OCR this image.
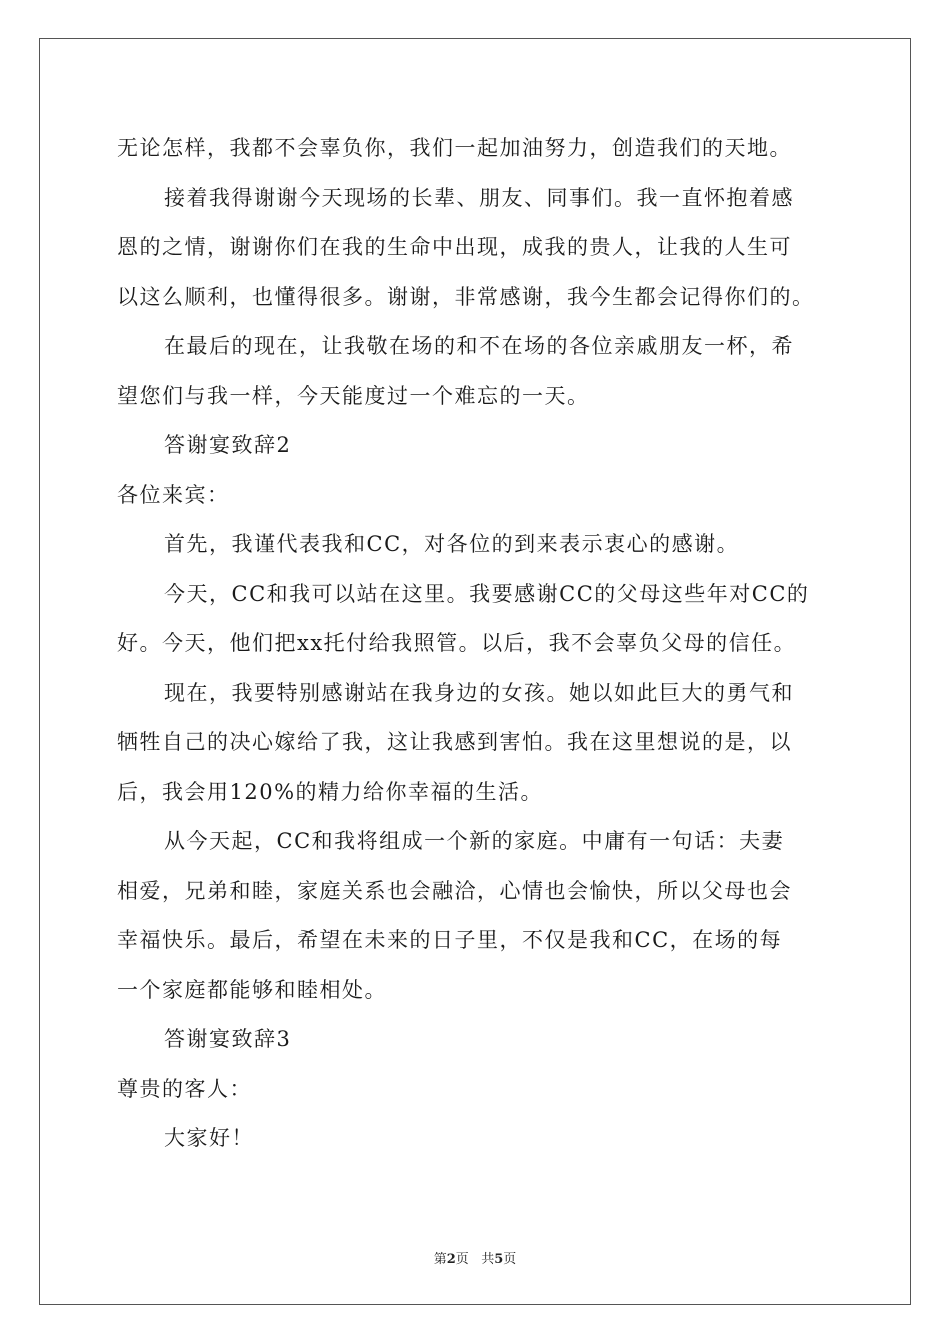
无论怎样，我都不会辜负你，我们一起加油努力，创造我们的天地。
接着我得谢谢今天现场的长辈、朋友、同事们。我一直怀抱着感
恩的之情，谢谢你们在我的生命中出现，成我的贵人，让我的人生可
以这么顺利，也懂得很多。谢谢，非常感谢，我今生都会记得你们的。
在最后的现在，让我敬在场的和不在场的各位亲戚朋友一杯，希
望您们与我一样，今天能度过一个难忘的一天。
答谢宴致辞2
各位来宾：
首先，我谨代表我和CC，对各位的到来表示衷心的感谢。
今天，CC和我可以站在这里。我要感谢CC的父母这些年对CC的
好。今天，他们把xx托付给我照管。以后，我不会辜负父母的信任。
现在，我要特别感谢站在我身边的女孩。她以如此巨大的勇气和
牺牲自己的决心嫁给了我，这让我感到害怕。我在这里想说的是，以
后，我会用120%的精力给你幸福的生活。
从今天起，CC和我将组成一个新的家庭。中庸有一句话：夫妻
相爱，兄弟和睦，家庭关系也会融洽，心情也会愉快，所以父母也会
幸福快乐。最后，希望在未来的日子里，不仅是我和CC，在场的每
一个家庭都能够和睦相处。
答谢宴致辞3
尊贵的客人：
大家好！
第2页 共5页
